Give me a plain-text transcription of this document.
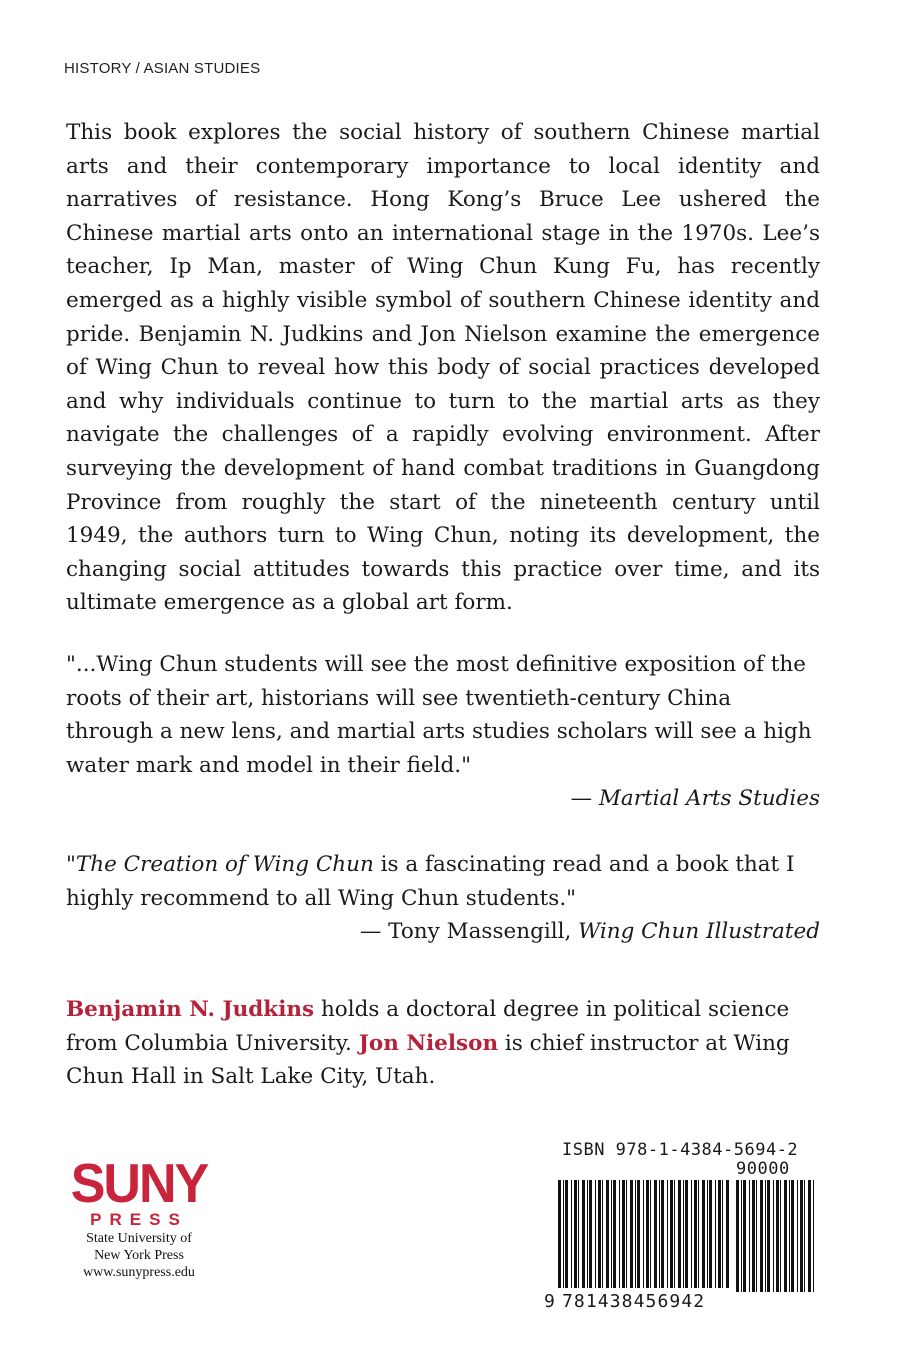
HISTORY / ASIAN STUDIES

This book explores the social history of southern Chinese martial arts and their contemporary importance to local identity and narratives of resistance. Hong Kong’s Bruce Lee ushered the Chinese martial arts onto an international stage in the 1970s. Lee’s teacher, Ip Man, master of Wing Chun Kung Fu, has recently emerged as a highly visible symbol of southern Chinese identity and pride. Benjamin N. Judkins and Jon Nielson examine the emergence of Wing Chun to reveal how this body of social practices developed and why individuals continue to turn to the martial arts as they navigate the challenges of a rapidly evolving environment. After surveying the development of hand combat traditions in Guangdong Province from roughly the start of the nineteenth century until 1949, the authors turn to Wing Chun, noting its development, the changing social attitudes towards this practice over time, and its ultimate emergence as a global art form.

"...Wing Chun students will see the most definitive exposition of the roots of their art, historians will see twentieth-century China through a new lens, and martial arts studies scholars will see a high water mark and model in their field."
— Martial Arts Studies
"The Creation of Wing Chun is a fascinating read and a book that I highly recommend to all Wing Chun students."
— Tony Massengill, Wing Chun Illustrated

Benjamin N. Judkins holds a doctoral degree in political science from Columbia University. Jon Nielson is chief instructor at Wing Chun Hall in Salt Lake City, Utah.

SUNY
PRESS
State University of
New York Press
www.sunypress.edu
ISBN 978-1-4384-5694-2
90000
9 781438456942
